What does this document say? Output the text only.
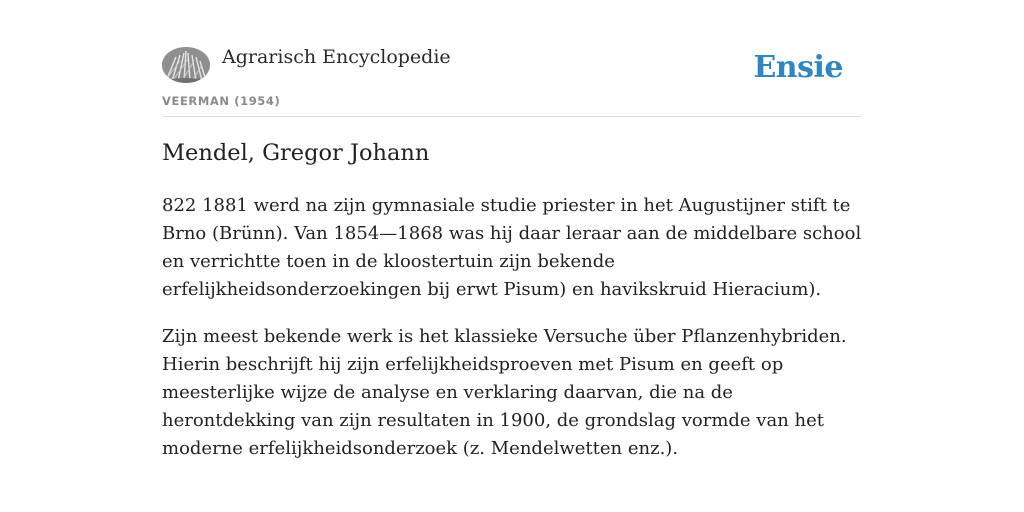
Agrarisch Encyclopedie	Ensie
VEERMAN (1954)
Mendel, Gregor Johann

822 1881 werd na zijn gymnasiale studie priester in het Augustijner stift te Brno (Brünn). Van 1854—1868 was hij daar leraar aan de middelbare school en verrichtte toen in de kloostertuin zijn bekende erfelijkheidsonderzoekingen bij erwt Pisum) en havikskruid Hieracium).

Zijn meest bekende werk is het klassieke Versuche über Pflanzenhybriden. Hierin beschrijft hij zijn erfelijkheidsproeven met Pisum en geeft op meesterlijke wijze de analyse en verklaring daarvan, die na de herontdekking van zijn resultaten in 1900, de grondslag vormde van het moderne erfelijkheidsonderzoek (z. Mendelwetten enz.).
